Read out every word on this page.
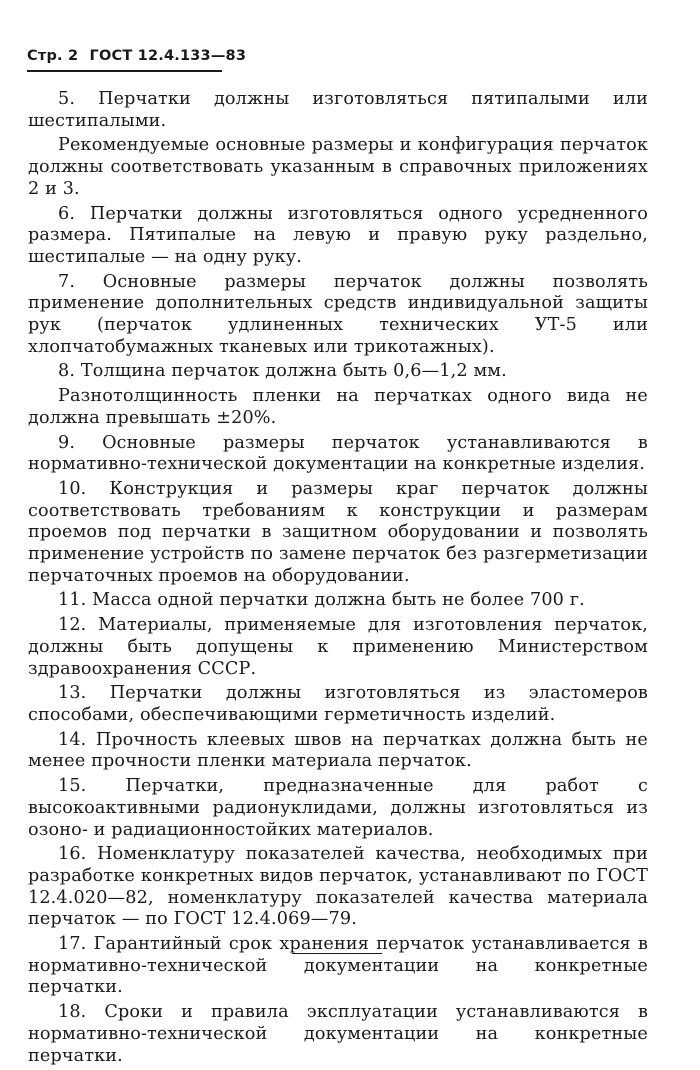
Стр. 2 ГОСТ 12.4.133—83

5. Перчатки должны изготовляться пятипалыми или шестипалыми.

Рекомендуемые основные размеры и конфигурация перчаток должны соответствовать указанным в справочных приложениях 2 и 3.

6. Перчатки должны изготовляться одного усредненного размера. Пятипалые на левую и правую руку раздельно, шестипалые — на одну руку.

7. Основные размеры перчаток должны позволять применение дополнительных средств индивидуальной защиты рук (перчаток удлиненных технических УТ-5 или хлопчатобумажных тканевых или трикотажных).

8. Толщина перчаток должна быть 0,6—1,2 мм.

Разнотолщинность пленки на перчатках одного вида не должна превышать ±20%.

9. Основные размеры перчаток устанавливаются в нормативно-технической документации на конкретные изделия.

10. Конструкция и размеры краг перчаток должны соответствовать требованиям к конструкции и размерам проемов под перчатки в защитном оборудовании и позволять применение устройств по замене перчаток без разгерметизации перчаточных проемов на оборудовании.

11. Масса одной перчатки должна быть не более 700 г.

12. Материалы, применяемые для изготовления перчаток, должны быть допущены к применению Министерством здравоохранения СССР.

13. Перчатки должны изготовляться из эластомеров способами, обеспечивающими герметичность изделий.

14. Прочность клеевых швов на перчатках должна быть не менее прочности пленки материала перчаток.

15. Перчатки, предназначенные для работ с высокоактивными радионуклидами, должны изготовляться из озоно- и радиационностойких материалов.

16. Номенклатуру показателей качества, необходимых при разработке конкретных видов перчаток, устанавливают по ГОСТ 12.4.020—82, номенклатуру показателей качества материала перчаток — по ГОСТ 12.4.069—79.

17. Гарантийный срок хранения перчаток устанавливается в нормативно-технической документации на конкретные перчатки.

18. Сроки и правила эксплуатации устанавливаются в нормативно-технической документации на конкретные перчатки.
